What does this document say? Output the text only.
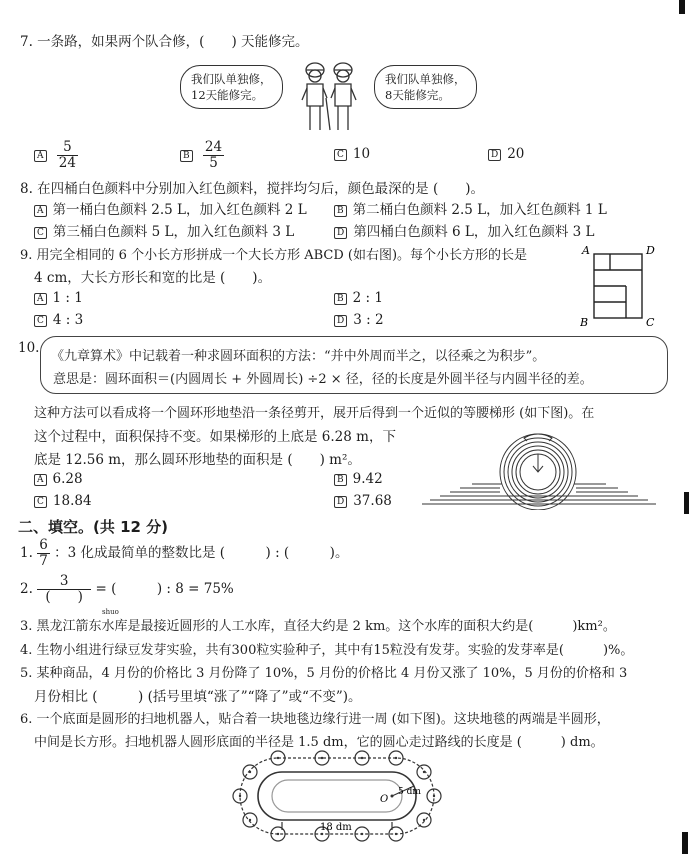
7. 一条路，如果两个队合修，(　　) 天能修完。
我们队单独修，
12天能修完。
我们队单独修，
8天能修完。
A $\frac{5}{24}$	B $\frac{24}{5}$	C 10	D 20
8. 在四桶白色颜料中分别加入红色颜料，搅拌均匀后，颜色最深的是 (　　)。
A 第一桶白色颜料 2.5 L，加入红色颜料 2 L	B 第二桶白色颜料 2.5 L，加入红色颜料 1 L
C 第三桶白色颜料 5 L，加入红色颜料 3 L	D 第四桶白色颜料 6 L，加入红色颜料 3 L
9. 用完全相同的 6 个小长方形拼成一个大长方形 ABCD (如右图)。每个小长方形的长是
4 cm，大长方形长和宽的比是 (　　)。
A 1 : 1	B 2 : 1
C 4 : 3	D 3 : 2
A	D
B	C
10.
《九章算术》中记载着一种求圆环面积的方法：“并中外周而半之，以径乘之为积步”。
意思是：圆环面积＝(内圆周长 + 外圆周长) ÷2 × 径，径的长度是外圆半径与内圆半径的差。
这种方法可以看成将一个圆环形地垫沿一条径剪开，展开后得到一个近似的等腰梯形 (如下图)。在
这个过程中，面积保持不变。如果梯形的上底是 6.28 m，下
底是 12.56 m，那么圆环形地垫的面积是 (　　) m²。
A 6.28	B 9.42
C 18.84	D 37.68
二、填空。(共 12 分)
1. $\frac{6}{7}$ ：3 化成最简单的整数比是 (　　　) : (　　　)。
2. $\frac{3}{( )}$ = (　　　) : 8 = 75%
shuo
3. 黑龙江箭东水库是最接近圆形的人工水库，直径大约是 2 km。这个水库的面积大约是(　　　)km²。
4. 生物小组进行绿豆发芽实验，共有300粒实验种子，其中有15粒没有发芽。实验的发芽率是(　　　)%。
5. 某种商品，4 月份的价格比 3 月份降了 10%，5 月份的价格比 4 月份又涨了 10%，5 月份的价格和 3
月份相比 (　　　) (括号里填“涨了”“降了”或“不变”)。
6. 一个底面是圆形的扫地机器人，贴合着一块地毯边缘行进一周 (如下图)。这块地毯的两端是半圆形，
中间是长方形。扫地机器人圆形底面的半径是 1.5 dm，它的圆心走过路线的长度是 (　　　) dm。
O
5 dm
18 dm
